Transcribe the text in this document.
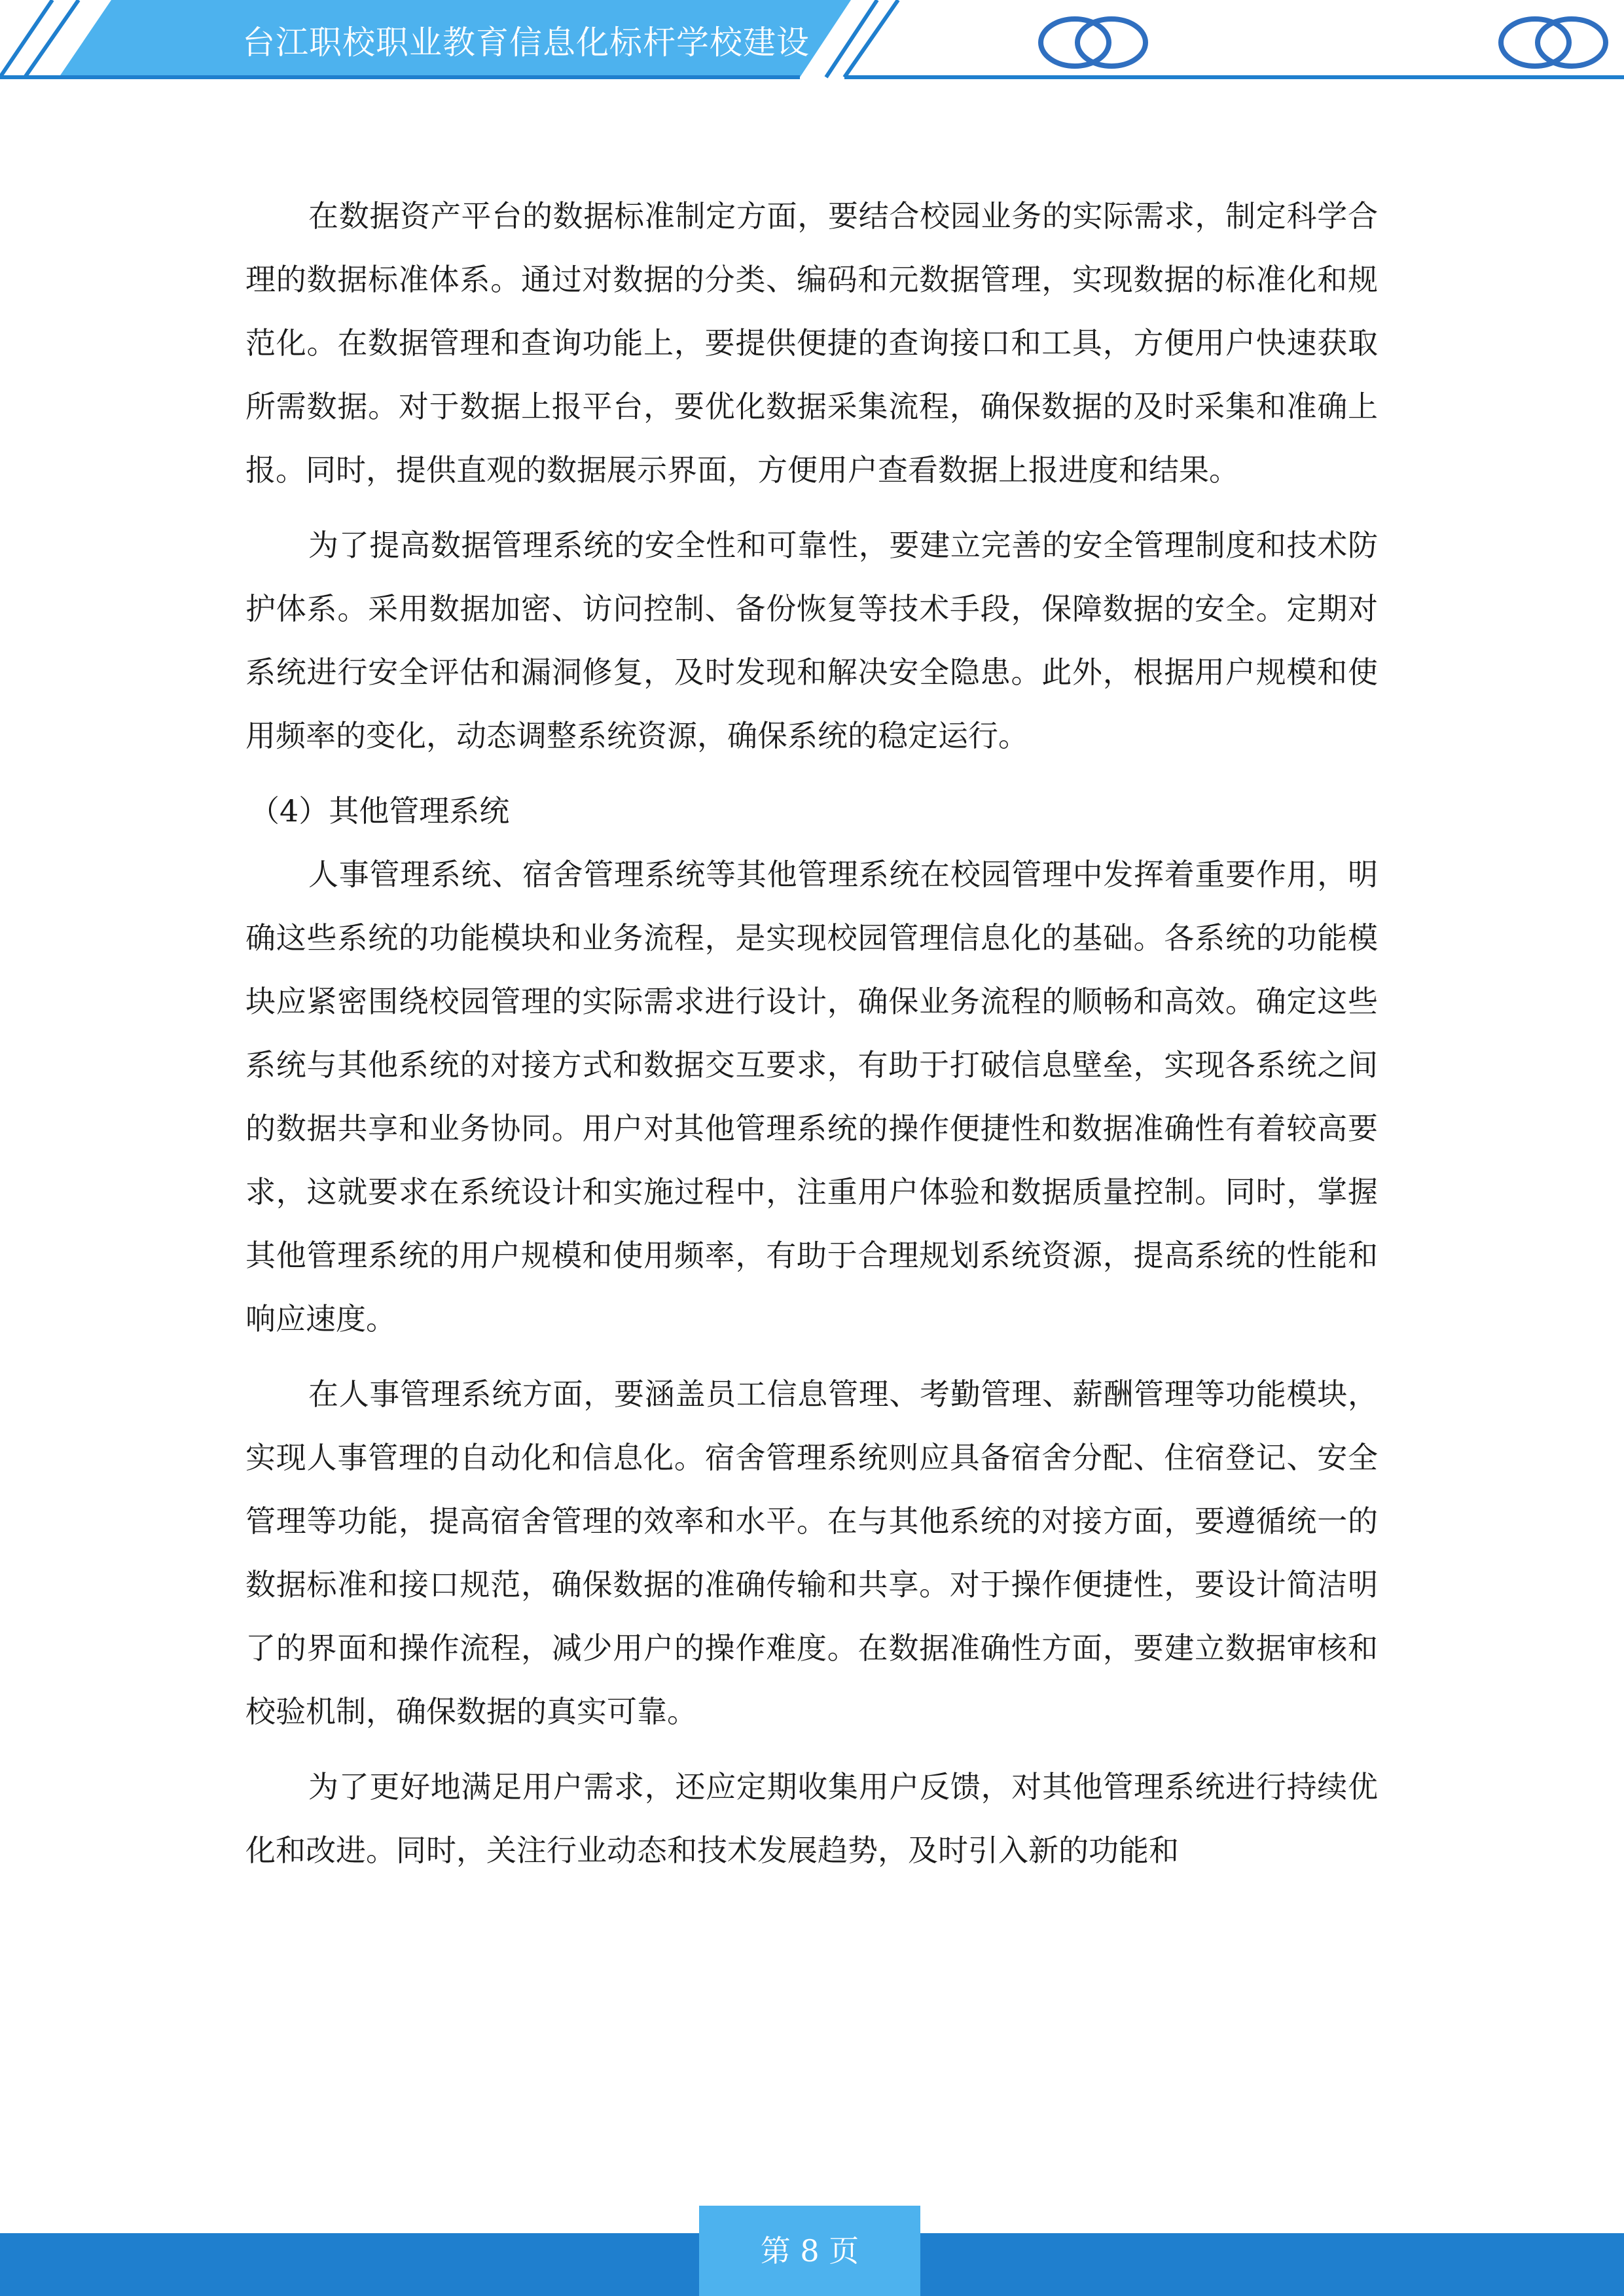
台江职校职业教育信息化标杆学校建设

在数据资产平台的数据标准制定方面，要结合校园业务的实际需求，制定科学合理的数据标准体系。通过对数据的分类、编码和元数据管理，实现数据的标准化和规范化。在数据管理和查询功能上，要提供便捷的查询接口和工具，方便用户快速获取所需数据。对于数据上报平台，要优化数据采集流程，确保数据的及时采集和准确上报。同时，提供直观的数据展示界面，方便用户查看数据上报进度和结果。

为了提高数据管理系统的安全性和可靠性，要建立完善的安全管理制度和技术防护体系。采用数据加密、访问控制、备份恢复等技术手段，保障数据的安全。定期对系统进行安全评估和漏洞修复，及时发现和解决安全隐患。此外，根据用户规模和使用频率的变化，动态调整系统资源，确保系统的稳定运行。

（4）其他管理系统

人事管理系统、宿舍管理系统等其他管理系统在校园管理中发挥着重要作用，明确这些系统的功能模块和业务流程，是实现校园管理信息化的基础。各系统的功能模块应紧密围绕校园管理的实际需求进行设计，确保业务流程的顺畅和高效。确定这些系统与其他系统的对接方式和数据交互要求，有助于打破信息壁垒，实现各系统之间的数据共享和业务协同。用户对其他管理系统的操作便捷性和数据准确性有着较高要求，这就要求在系统设计和实施过程中，注重用户体验和数据质量控制。同时，掌握其他管理系统的用户规模和使用频率，有助于合理规划系统资源，提高系统的性能和响应速度。

在人事管理系统方面，要涵盖员工信息管理、考勤管理、薪酬管理等功能模块，实现人事管理的自动化和信息化。宿舍管理系统则应具备宿舍分配、住宿登记、安全管理等功能，提高宿舍管理的效率和水平。在与其他系统的对接方面，要遵循统一的数据标准和接口规范，确保数据的准确传输和共享。对于操作便捷性，要设计简洁明了的界面和操作流程，减少用户的操作难度。在数据准确性方面，要建立数据审核和校验机制，确保数据的真实可靠。

为了更好地满足用户需求，还应定期收集用户反馈，对其他管理系统进行持续优化和改进。同时，关注行业动态和技术发展趋势，及时引入新的功能和

第 8 页
